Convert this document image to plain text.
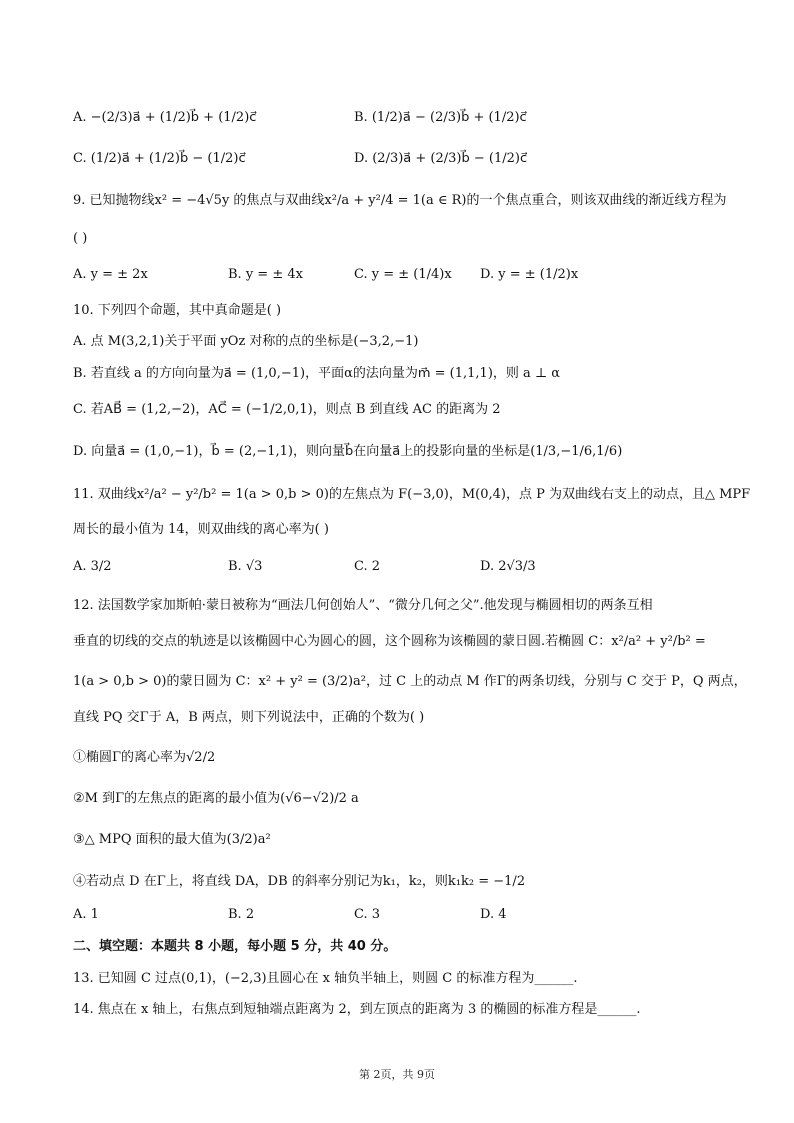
A. −(2/3)a⃗ + (1/2)b⃗ + (1/2)c⃗	B. (1/2)a⃗ − (2/3)b⃗ + (1/2)c⃗
C. (1/2)a⃗ + (1/2)b⃗ − (1/2)c⃗	D. (2/3)a⃗ + (2/3)b⃗ − (1/2)c⃗
9. 已知抛物线x² = −4√5y 的焦点与双曲线x²/a + y²/4 = 1(a ∈ R)的一个焦点重合，则该双曲线的渐近线方程为
( )
A. y = ± 2x	B. y = ± 4x	C. y = ± (1/4)x D. y = ± (1/2)x
10. 下列四个命题，其中真命题是( )
A. 点 M(3,2,1)关于平面 yOz 对称的点的坐标是(−3,2,−1)
B. 若直线 a 的方向向量为a⃗ = (1,0,−1)，平面α的法向量为m⃗ = (1,1,1)，则 a ⊥ α
C. 若AB⃗ = (1,2,−2)，AC⃗ = (−1/2,0,1)，则点 B 到直线 AC 的距离为 2
D. 向量a⃗ = (1,0,−1)，b⃗ = (2,−1,1)，则向量b⃗在向量a⃗上的投影向量的坐标是(1/3,−1/6,1/6)
11. 双曲线x²/a² − y²/b² = 1(a > 0,b > 0)的左焦点为 F(−3,0)，M(0,4)，点 P 为双曲线右支上的动点，且△ MPF
周长的最小值为 14，则双曲线的离心率为( )
A. 3/2	B. √3	C. 2	D. 2√3/3
12. 法国数学家加斯帕·蒙日被称为“画法几何创始人”、“微分几何之父”.他发现与椭圆相切的两条互相
垂直的切线的交点的轨迹是以该椭圆中心为圆心的圆，这个圆称为该椭圆的蒙日圆.若椭圆 C：x²/a² + y²/b² =
1(a > 0,b > 0)的蒙日圆为 C：x² + y² = (3/2)a²，过 C 上的动点 M 作Γ的两条切线，分别与 C 交于 P，Q 两点，
直线 PQ 交Γ于 A，B 两点，则下列说法中，正确的个数为( )
①椭圆Γ的离心率为√2/2
②M 到Γ的左焦点的距离的最小值为(√6−√2)/2 a
③△ MPQ 面积的最大值为(3/2)a²
④若动点 D 在Γ上，将直线 DA，DB 的斜率分别记为k₁，k₂，则k₁k₂ = −1/2
A. 1	B. 2	C. 3	D. 4
二、填空题：本题共 8 小题，每小题 5 分，共 40 分。
13. 已知圆 C 过点(0,1)，(−2,3)且圆心在 x 轴负半轴上，则圆 C 的标准方程为______.
14. 焦点在 x 轴上，右焦点到短轴端点距离为 2，到左顶点的距离为 3 的椭圆的标准方程是______.
第 2页，共 9页
